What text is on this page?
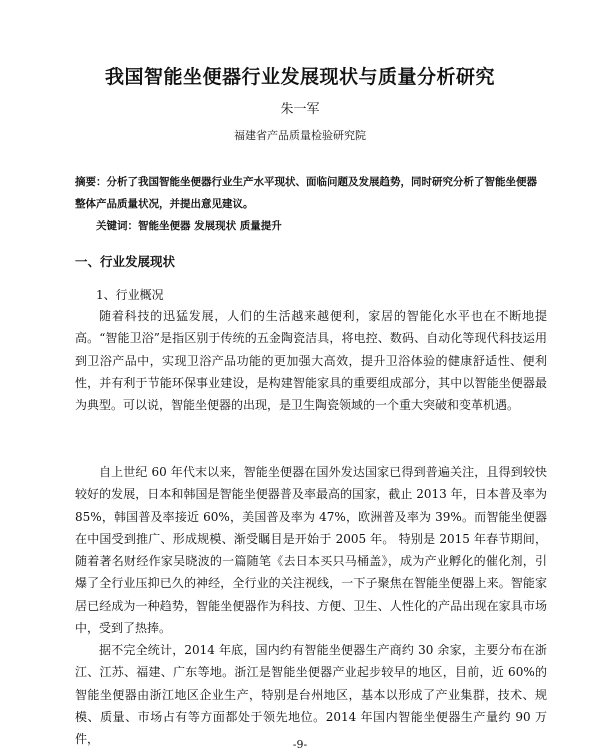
我国智能坐便器行业发展现状与质量分析研究
朱一军
福建省产品质量检验研究院
摘要：分析了我国智能坐便器行业生产水平现状、面临问题及发展趋势，同时研究分析了智能坐便器整体产品质量状况，并提出意见建议。
关键词：智能坐便器 发展现状 质量提升
一、行业发展现状
1、行业概况

随着科技的迅猛发展，人们的生活越来越便利，家居的智能化水平也在不断地提高。“智能卫浴”是指区别于传统的五金陶瓷洁具，将电控、数码、自动化等现代科技运用到卫浴产品中，实现卫浴产品功能的更加强大高效，提升卫浴体验的健康舒适性、便利性，并有利于节能环保事业建设，是构建智能家具的重要组成部分，其中以智能坐便器最为典型。可以说，智能坐便器的出现，是卫生陶瓷领域的一个重大突破和变革机遇。

自上世纪 60 年代末以来，智能坐便器在国外发达国家已得到普遍关注，且得到较快较好的发展，日本和韩国是智能坐便器普及率最高的国家，截止 2013 年，日本普及率为 85%，韩国普及率接近 60%，美国普及率为 47%，欧洲普及率为 39%。而智能坐便器在中国受到推广、形成规模、渐受瞩目是开始于 2005 年。 特别是 2015 年春节期间，随着著名财经作家吴晓波的一篇随笔《去日本买只马桶盖》，成为产业孵化的催化剂，引爆了全行业压抑已久的神经，全行业的关注视线，一下子聚焦在智能坐便器上来。智能家居已经成为一种趋势，智能坐便器作为科技、方便、卫生、人性化的产品出现在家具市场中，受到了热捧。

据不完全统计，2014 年底，国内约有智能坐便器生产商约 30 余家，主要分布在浙江、江苏、福建、广东等地。浙江是智能坐便器产业起步较早的地区，目前，近 60%的智能坐便器由浙江地区企业生产，特别是台州地区，基本以形成了产业集群，技术、规模、质量、市场占有等方面都处于领先地位。2014 年国内智能坐便器生产量约 90 万件，	-9-
